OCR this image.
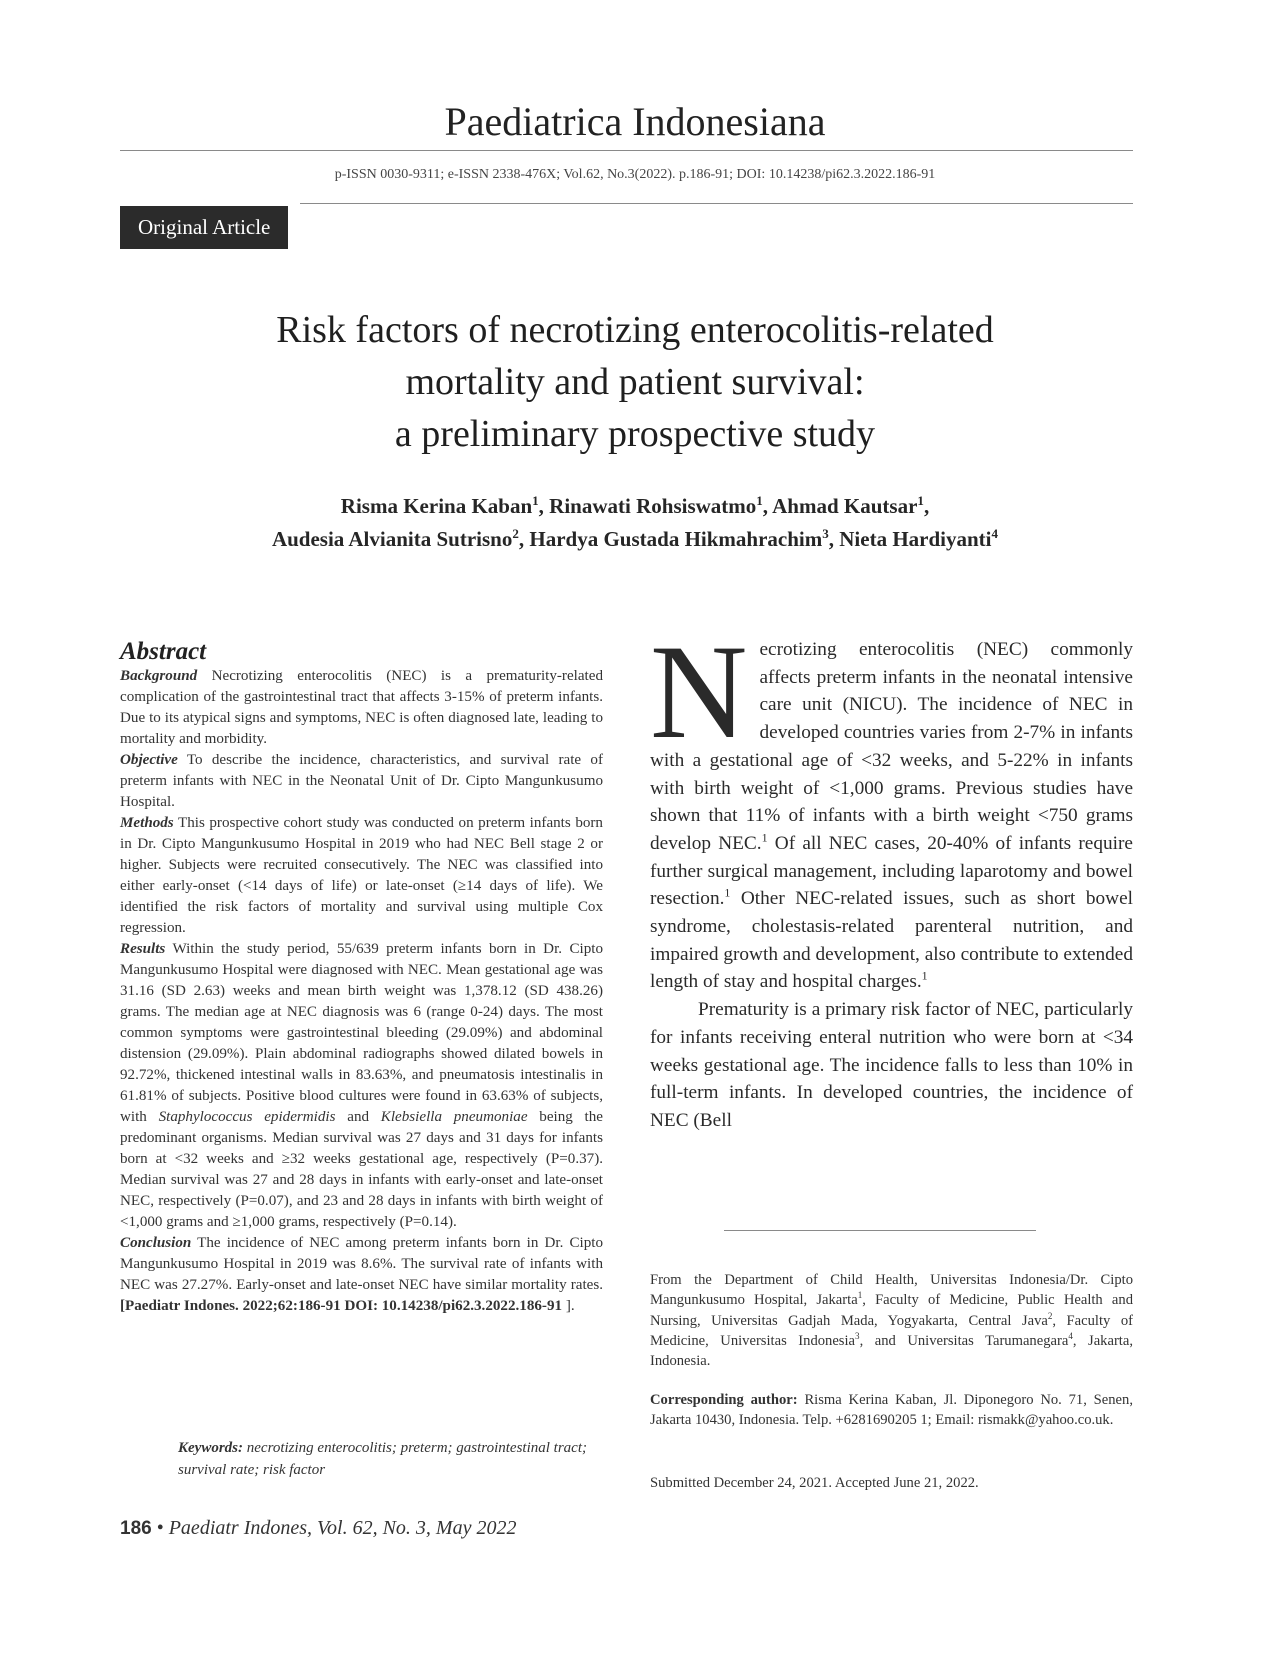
Paediatrica Indonesiana
p-ISSN 0030-9311; e-ISSN 2338-476X; Vol.62, No.3(2022). p.186-91; DOI: 10.14238/pi62.3.2022.186-91
Original Article
Risk factors of necrotizing enterocolitis-related
mortality and patient survival:
a preliminary prospective study
Risma Kerina Kaban$^1$, Rinawati Rohsiswatmo$^1$, Ahmad Kautsar$^1$,
Audesia Alvianita Sutrisno$^2$, Hardya Gustada Hikmahrachim$^3$, Nieta Hardiyanti$^4$
Abstract

Background Necrotizing enterocolitis (NEC) is a prematurity-related complication of the gastrointestinal tract that affects 3-15% of preterm infants. Due to its atypical signs and symptoms, NEC is often diagnosed late, leading to mortality and morbidity.

Objective To describe the incidence, characteristics, and survival rate of preterm infants with NEC in the Neonatal Unit of Dr. Cipto Mangunkusumo Hospital.

Methods This prospective cohort study was conducted on preterm infants born in Dr. Cipto Mangunkusumo Hospital in 2019 who had NEC Bell stage 2 or higher. Subjects were recruited consecutively. The NEC was classified into either early-onset (<14 days of life) or late-onset (≥14 days of life). We identified the risk factors of mortality and survival using multiple Cox regression.

Results Within the study period, 55/639 preterm infants born in Dr. Cipto Mangunkusumo Hospital were diagnosed with NEC. Mean gestational age was 31.16 (SD 2.63) weeks and mean birth weight was 1,378.12 (SD 438.26) grams. The median age at NEC diagnosis was 6 (range 0-24) days. The most common symptoms were gastrointestinal bleeding (29.09%) and abdominal distension (29.09%). Plain abdominal radiographs showed dilated bowels in 92.72%, thickened intestinal walls in 83.63%, and pneumatosis intestinalis in 61.81% of subjects. Positive blood cultures were found in 63.63% of subjects, with Staphylococcus epidermidis and Klebsiella pneumoniae being the predominant organisms. Median survival was 27 days and 31 days for infants born at <32 weeks and ≥32 weeks gestational age, respectively (P=0.37). Median survival was 27 and 28 days in infants with early-onset and late-onset NEC, respectively (P=0.07), and 23 and 28 days in infants with birth weight of <1,000 grams and ≥1,000 grams, respectively (P=0.14).

Conclusion The incidence of NEC among preterm infants born in Dr. Cipto Mangunkusumo Hospital in 2019 was 8.6%. The survival rate of infants with NEC was 27.27%. Early-onset and late-onset NEC have similar mortality rates. [Paediatr Indones. 2022;62:186-91 DOI: 10.14238/pi62.3.2022.186-91 ].

Keywords: necrotizing enterocolitis; preterm; gastrointestinal tract; survival rate; risk factor

Necrotizing enterocolitis (NEC) commonly affects preterm infants in the neonatal intensive care unit (NICU). The incidence of NEC in developed countries varies from 2-7% in infants with a gestational age of <32 weeks, and 5-22% in infants with birth weight of <1,000 grams. Previous studies have shown that 11% of infants with a birth weight <750 grams develop NEC.$^1$ Of all NEC cases, 20-40% of infants require further surgical management, including laparotomy and bowel resection.$^1$ Other NEC-related issues, such as short bowel syndrome, cholestasis-related parenteral nutrition, and impaired growth and development, also contribute to extended length of stay and hospital charges.$^1$

Prematurity is a primary risk factor of NEC, particularly for infants receiving enteral nutrition who were born at <34 weeks gestational age. The incidence falls to less than 10% in full-term infants. In developed countries, the incidence of NEC (Bell

From the Department of Child Health, Universitas Indonesia/Dr. Cipto Mangunkusumo Hospital, Jakarta$^1$, Faculty of Medicine, Public Health and Nursing, Universitas Gadjah Mada, Yogyakarta, Central Java$^2$, Faculty of Medicine, Universitas Indonesia$^3$, and Universitas Tarumanegara$^4$, Jakarta, Indonesia.
Corresponding author: Risma Kerina Kaban, Jl. Diponegoro No. 71, Senen, Jakarta 10430, Indonesia. Telp. +6281690205 1; Email: rismakk@yahoo.co.uk.
Submitted December 24, 2021. Accepted June 21, 2022.
186 • Paediatr Indones, Vol. 62, No. 3, May 2022
